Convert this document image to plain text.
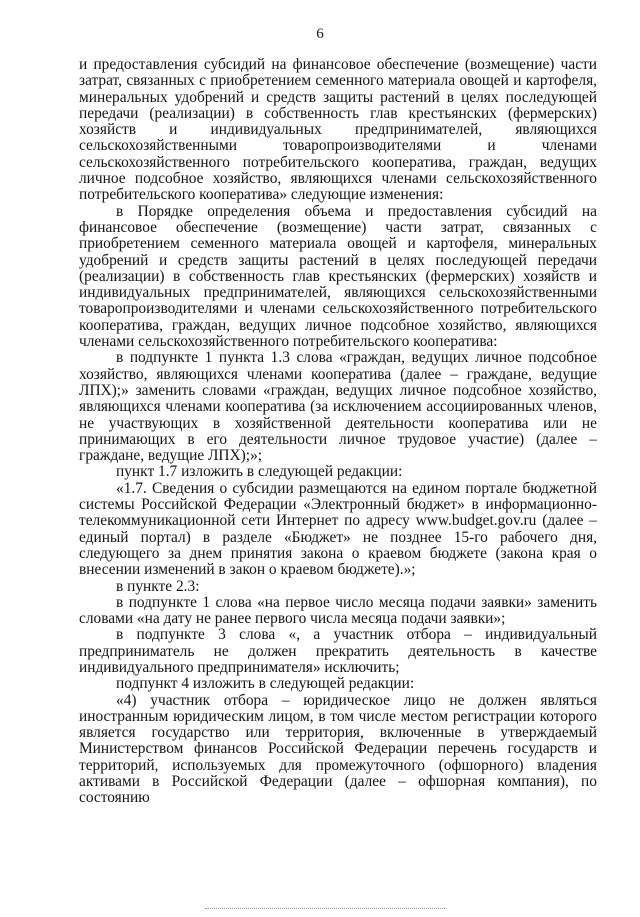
6

и предоставления субсидий на финансовое обеспечение (возмещение) части затрат, связанных с приобретением семенного материала овощей и картофеля, минеральных удобрений и средств защиты растений в целях последующей передачи (реализации) в собственность глав крестьянских (фермерских) хозяйств и индивидуальных предпринимателей, являющихся сельскохозяйственными товаропроизводителями и членами сельскохозяйственного потребительского кооператива, граждан, ведущих личное подсобное хозяйство, являющихся членами сельскохозяйственного потребительского кооператива» следующие изменения:

в Порядке определения объема и предоставления субсидий на финансовое обеспечение (возмещение) части затрат, связанных с приобретением семенного материала овощей и картофеля, минеральных удобрений и средств защиты растений в целях последующей передачи (реализации) в собственность глав крестьянских (фермерских) хозяйств и индивидуальных предпринимателей, являющихся сельскохозяйственными товаропроизводителями и членами сельскохозяйственного потребительского кооператива, граждан, ведущих личное подсобное хозяйство, являющихся членами сельскохозяйственного потребительского кооператива:

в подпункте 1 пункта 1.3 слова «граждан, ведущих личное подсобное хозяйство, являющихся членами кооператива (далее – граждане, ведущие ЛПХ);» заменить словами «граждан, ведущих личное подсобное хозяйство, являющихся членами кооператива (за исключением ассоциированных членов, не участвующих в хозяйственной деятельности кооператива или не принимающих в его деятельности личное трудовое участие) (далее – граждане, ведущие ЛПХ);»;

пункт 1.7 изложить в следующей редакции:

«1.7. Сведения о субсидии размещаются на едином портале бюджетной системы Российской Федерации «Электронный бюджет» в информационно-телекоммуникационной сети Интернет по адресу www.budget.gov.ru (далее – единый портал) в разделе «Бюджет» не позднее 15-го рабочего дня, следующего за днем принятия закона о краевом бюджете (закона края о внесении изменений в закон о краевом бюджете).»;

в пункте 2.3:

в подпункте 1 слова «на первое число месяца подачи заявки» заменить словами «на дату не ранее первого числа месяца подачи заявки»;

в подпункте 3 слова «, а участник отбора – индивидуальный предприниматель не должен прекратить деятельность в качестве индивидуального предпринимателя» исключить;

подпункт 4 изложить в следующей редакции:

«4) участник отбора – юридическое лицо не должен являться иностранным юридическим лицом, в том числе местом регистрации которого является государство или территория, включенные в утверждаемый Министерством финансов Российской Федерации перечень государств и территорий, используемых для промежуточного (офшорного) владения активами в Российской Федерации (далее – офшорная компания), по состоянию
